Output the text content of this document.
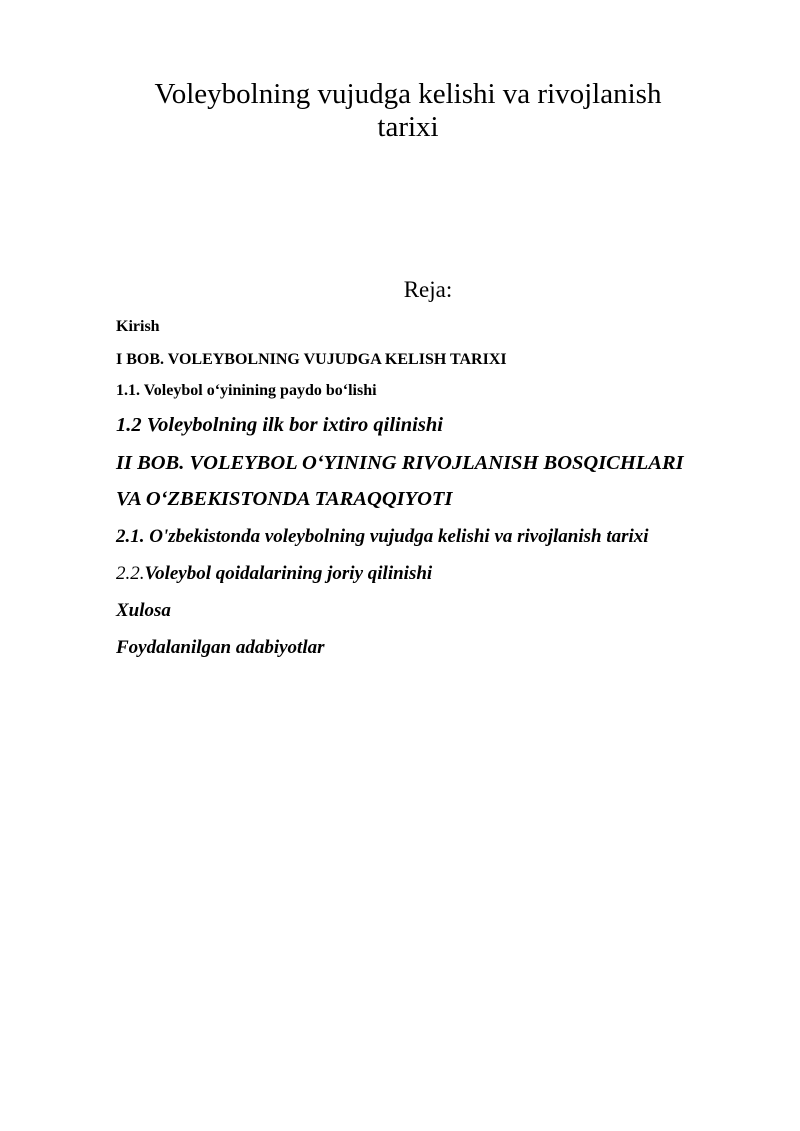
Voleybolning vujudga kelishi va rivojlanish
tarixi
Reja:
Kirish
I BOB. VOLEYBOLNING VUJUDGA KELISH TARIXI
1.1. Voleybol o‘yinining paydo bo‘lishi
1.2 Voleybolning ilk bor ixtiro qilinishi
II BOB. VOLEYBOL O‘YINING RIVOJLANISH BOSQICHLARI
VA O‘ZBEKISTONDA TARAQQIYOTI
2.1. O'zbekistonda voleybolning vujudga kelishi va rivojlanish tarixi
2.2.Voleybol qoidalarining joriy qilinishi
Xulosa
Foydalanilgan adabiyotlar
